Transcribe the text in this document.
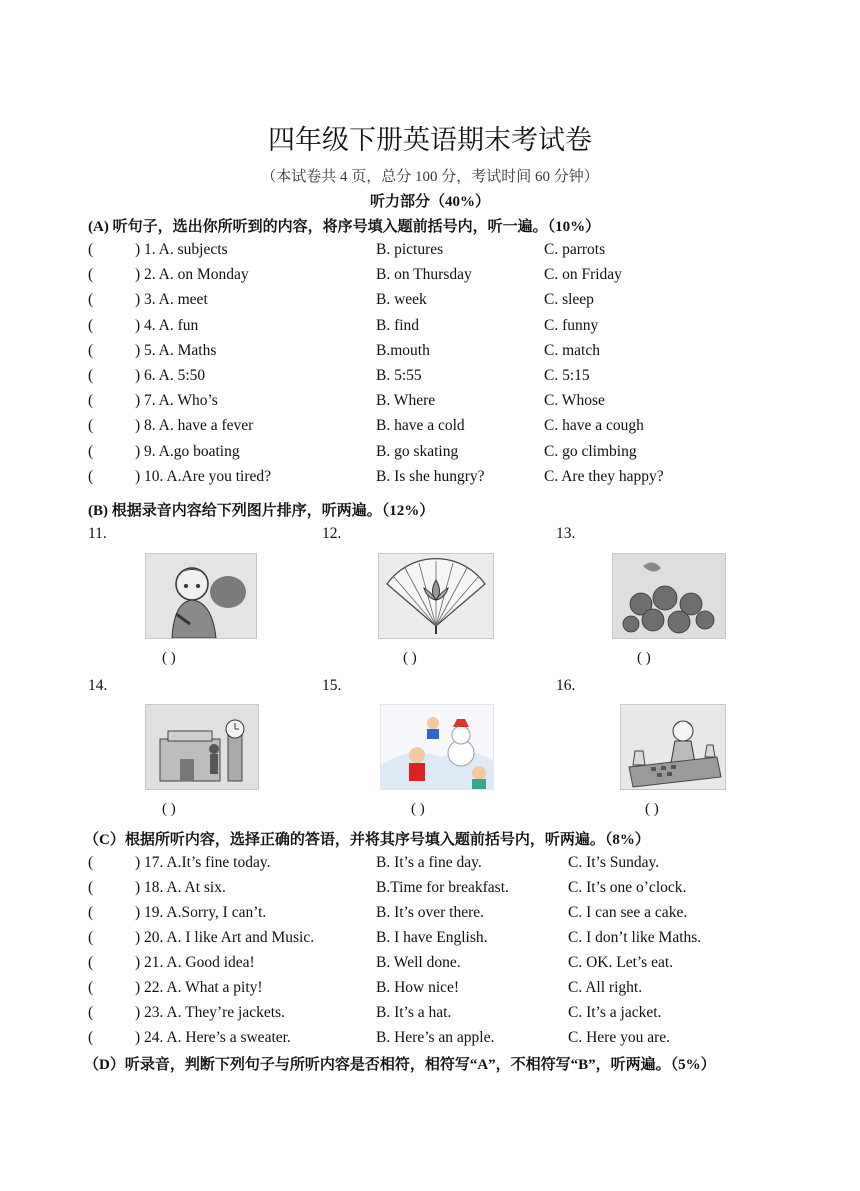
四年级下册英语期末考试卷
（本试卷共 4 页，总分 100 分，考试时间 60 分钟）
听力部分（40%）
(A) 听句子，选出你所听到的内容，将序号填入题前括号内，听一遍。（10%）
(	) 1. A. subjects	B. pictures	C. parrots
(	) 2. A. on Monday	B. on Thursday	C. on Friday
(	) 3. A. meet	B. week	C. sleep
(	) 4. A. fun	B. find	C. funny
(	) 5. A. Maths	B.mouth	C. match
(	) 6. A. 5:50	B. 5:55	C. 5:15
(	) 7. A. Who’s	B. Where	C. Whose
(	) 8. A. have a fever	B. have a cold	C. have a cough
(	) 9. A.go boating	B. go skating	C. go climbing
(	) 10. A.Are you tired?	B. Is she hungry?	C. Are they happy?
(B) 根据录音内容给下列图片排序，听两遍。（12%）
11.	12.	13.
( )	( )	( )
14.	15.	16.
( )	( )	( )
（C）根据所听内容，选择正确的答语，并将其序号填入题前括号内，听两遍。（8%）
(	) 17. A.It’s fine today.	B. It’s a fine day.	C. It’s Sunday.
(	) 18. A. At six.	B.Time for breakfast.	C. It’s one o’clock.
(	) 19. A.Sorry, I can’t.	B. It’s over there.	C. I can see a cake.
(	) 20. A. I like Art and Music.	B. I have English.	C. I don’t like Maths.
(	) 21. A. Good idea!	B. Well done.	C. OK. Let’s eat.
(	) 22. A. What a pity!	B. How nice!	C. All right.
(	) 23. A. They’re jackets.	B. It’s a hat.	C. It’s a jacket.
(	) 24. A. Here’s a sweater.	B. Here’s an apple.	C. Here you are.
（D）听录音，判断下列句子与所听内容是否相符，相符写“A”，不相符写“B”，听两遍。（5%）
